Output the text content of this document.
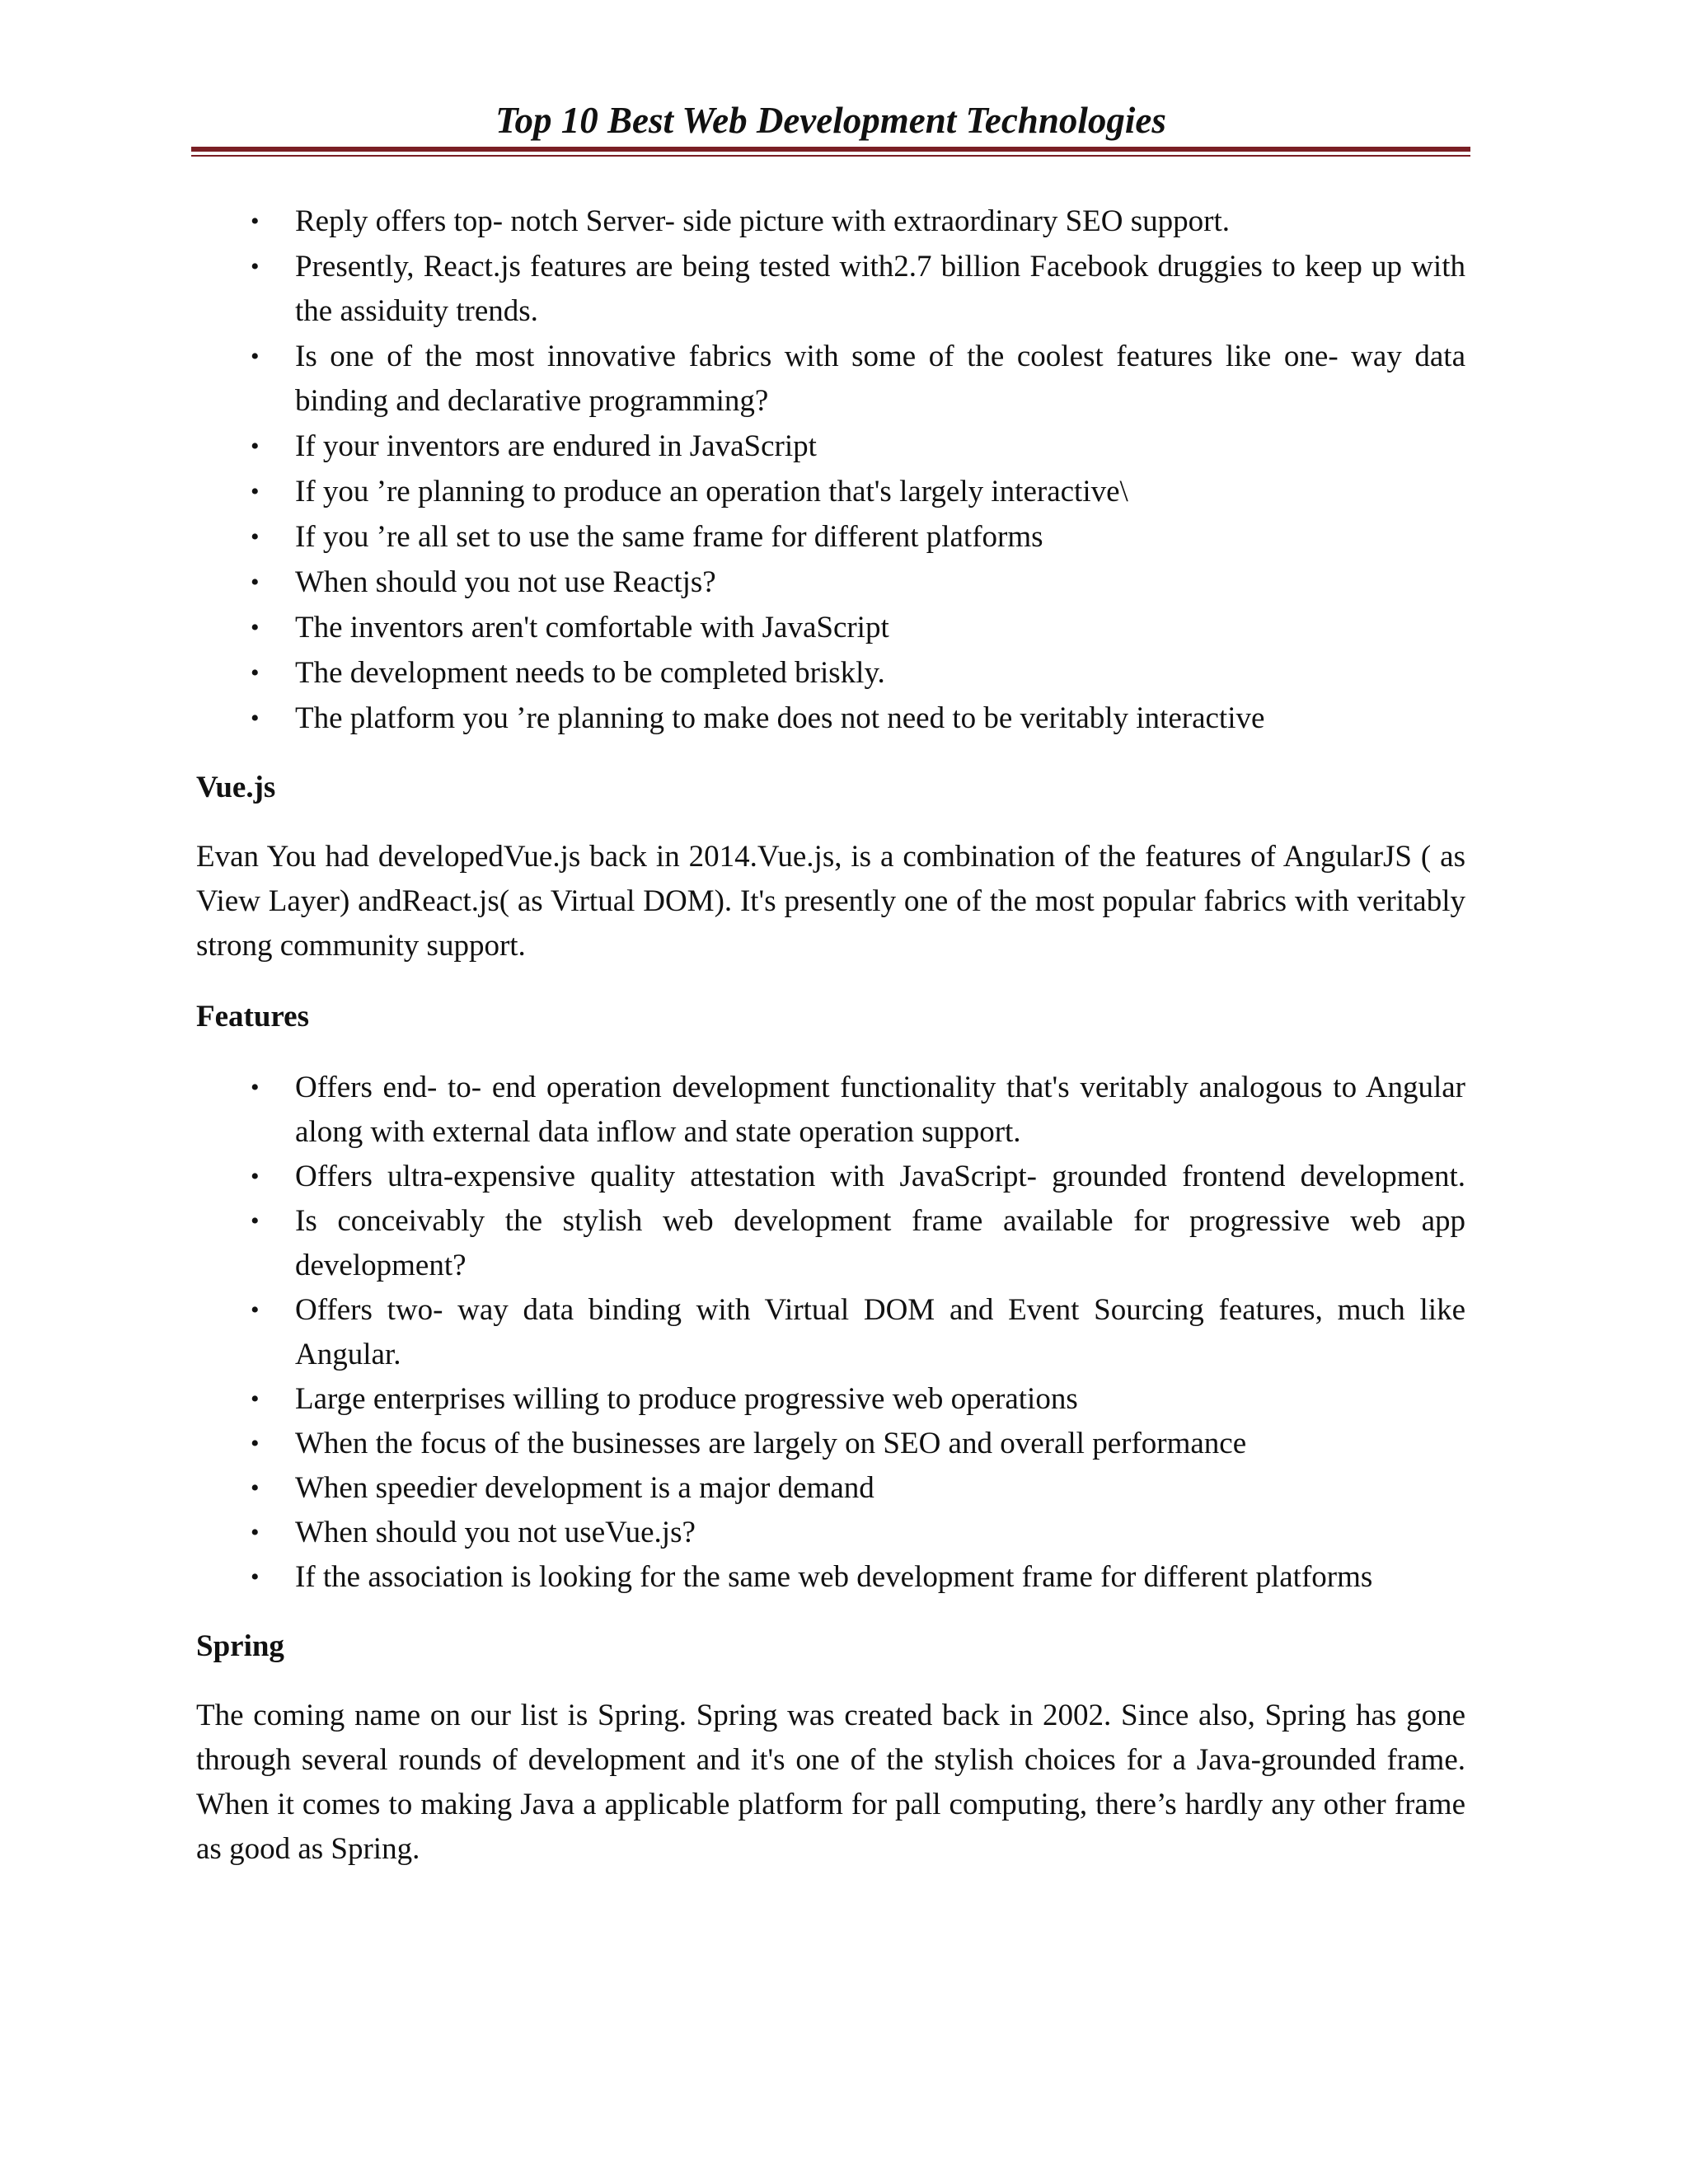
Top 10 Best Web Development Technologies
• Reply offers top- notch Server- side picture with extraordinary SEO support.
• Presently, React.js features are being tested with2.7 billion Facebook druggies to keep up with the assiduity trends.
• Is one of the most innovative fabrics with some of the coolest features like one- way data binding and declarative programming?
• If your inventors are endured in JavaScript
• If you ’re planning to produce an operation that's largely interactive\
• If you ’re all set to use the same frame for different platforms
• When should you not use Reactjs?
• The inventors aren't comfortable with JavaScript
• The development needs to be completed briskly.
• The platform you ’re planning to make does not need to be veritably interactive

Vue.js

Evan You had developedVue.js back in 2014.Vue.js, is a combination of the features of AngularJS ( as View Layer) andReact.js( as Virtual DOM). It's presently one of the most popular fabrics with veritably strong community support.

Features

• Offers end- to- end operation development functionality that's veritably analogous to Angular along with external data inflow and state operation support.
• Offers ultra-expensive quality attestation with JavaScript- grounded frontend development.
• Is conceivably the stylish web development frame available for progressive web app development?
• Offers two- way data binding with Virtual DOM and Event Sourcing features, much like Angular.
• Large enterprises willing to produce progressive web operations
• When the focus of the businesses are largely on SEO and overall performance
• When speedier development is a major demand
• When should you not useVue.js?
• If the association is looking for the same web development frame for different platforms

Spring

The coming name on our list is Spring. Spring was created back in 2002. Since also, Spring has gone through several rounds of development and it's one of the stylish choices for a Java-grounded frame. When it comes to making Java a applicable platform for pall computing, there’s hardly any other frame as good as Spring.
